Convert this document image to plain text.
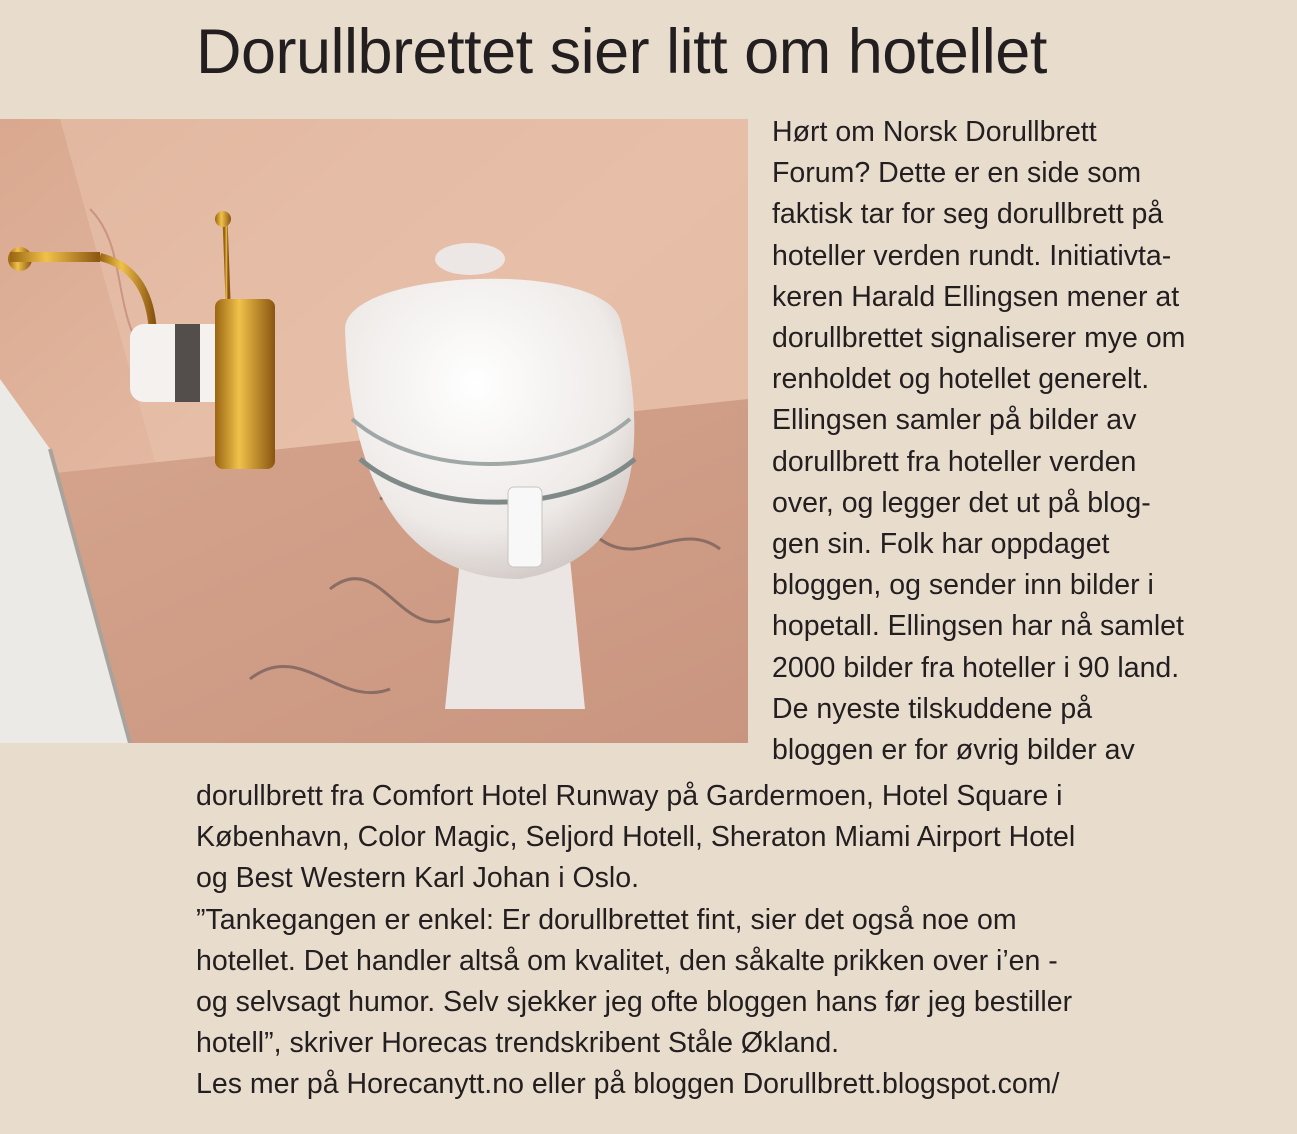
Dorullbrettet sier litt om hotellet
Hørt om Norsk Dorullbrett
Forum? Dette er en side som
faktisk tar for seg dorullbrett på
hoteller verden rundt. Initiativta-
keren Harald Ellingsen mener at
dorullbrettet signaliserer mye om
renholdet og hotellet generelt.
Ellingsen samler på bilder av
dorullbrett fra hoteller verden
over, og legger det ut på blog-
gen sin. Folk har oppdaget
bloggen, og sender inn bilder i
hopetall. Ellingsen har nå samlet
2000 bilder fra hoteller i 90 land.
De nyeste tilskuddene på
bloggen er for øvrig bilder av
dorullbrett fra Comfort Hotel Runway på Gardermoen, Hotel Square i
København, Color Magic, Seljord Hotell, Sheraton Miami Airport Hotel
og Best Western Karl Johan i Oslo.
”Tankegangen er enkel: Er dorullbrettet fint, sier det også noe om
hotellet. Det handler altså om kvalitet, den såkalte prikken over i’en -
og selvsagt humor. Selv sjekker jeg ofte bloggen hans før jeg bestiller
hotell”, skriver Horecas trendskribent Ståle Økland.
Les mer på Horecanytt.no eller på bloggen Dorullbrett.blogspot.com/
